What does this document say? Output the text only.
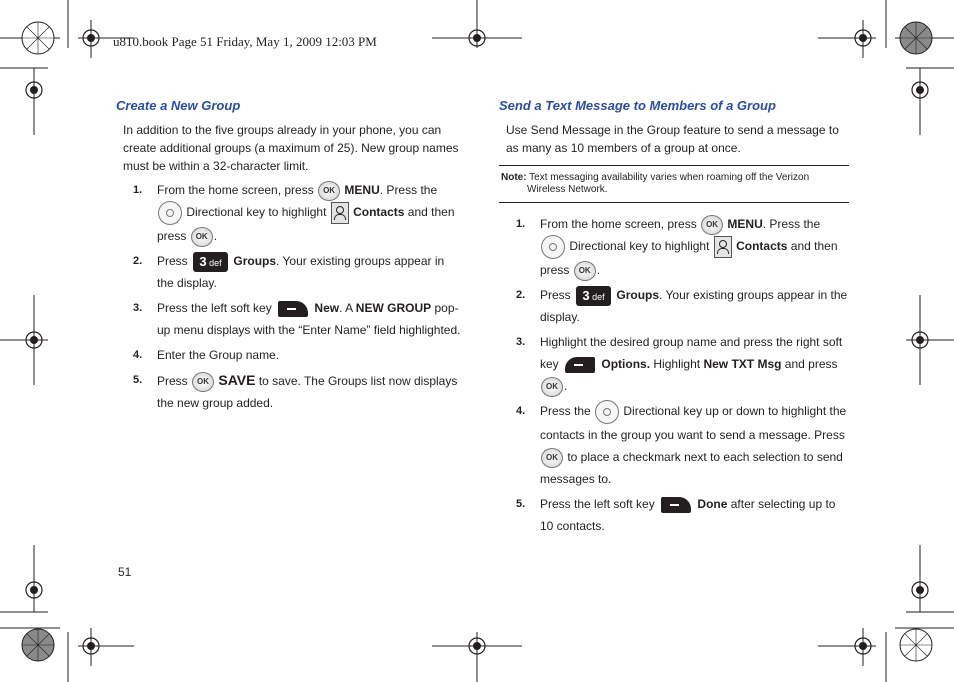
u810.book Page 51 Friday, May 1, 2009 12:03 PM
Create a New Group
In addition to the five groups already in your phone, you can create additional groups (a maximum of 25). New group names must be within a 32-character limit.
1. From the home screen, press OK MENU. Press the  Directional key to highlight Contacts and then press OK .
2. Press 3 def Groups. Your existing groups appear in the display.
3. Press the left soft key	New. A NEW GROUP pop-up menu displays with the “Enter Name” field highlighted.
4. Enter the Group name.
5. Press OK SAVE to save. The Groups list now displays the new group added.
Send a Text Message to Members of a Group
Use Send Message in the Group feature to send a message to as many as 10 members of a group at once.
Note: Text messaging availability varies when roaming off the Verizon Wireless Network.
1. From the home screen, press OK MENU. Press the  Directional key to highlight Contacts and then press OK .
2. Press 3 def Groups. Your existing groups appear in the display.
3. Highlight the desired group name and press the right soft key	Options. Highlight New TXT Msg and press OK .
4. Press the	Directional key up or down to highlight the contacts in the group you want to send a message. Press OK to place a checkmark next to each selection to send messages to.
5. Press the left soft key	Done after selecting up to 10 contacts.
51
